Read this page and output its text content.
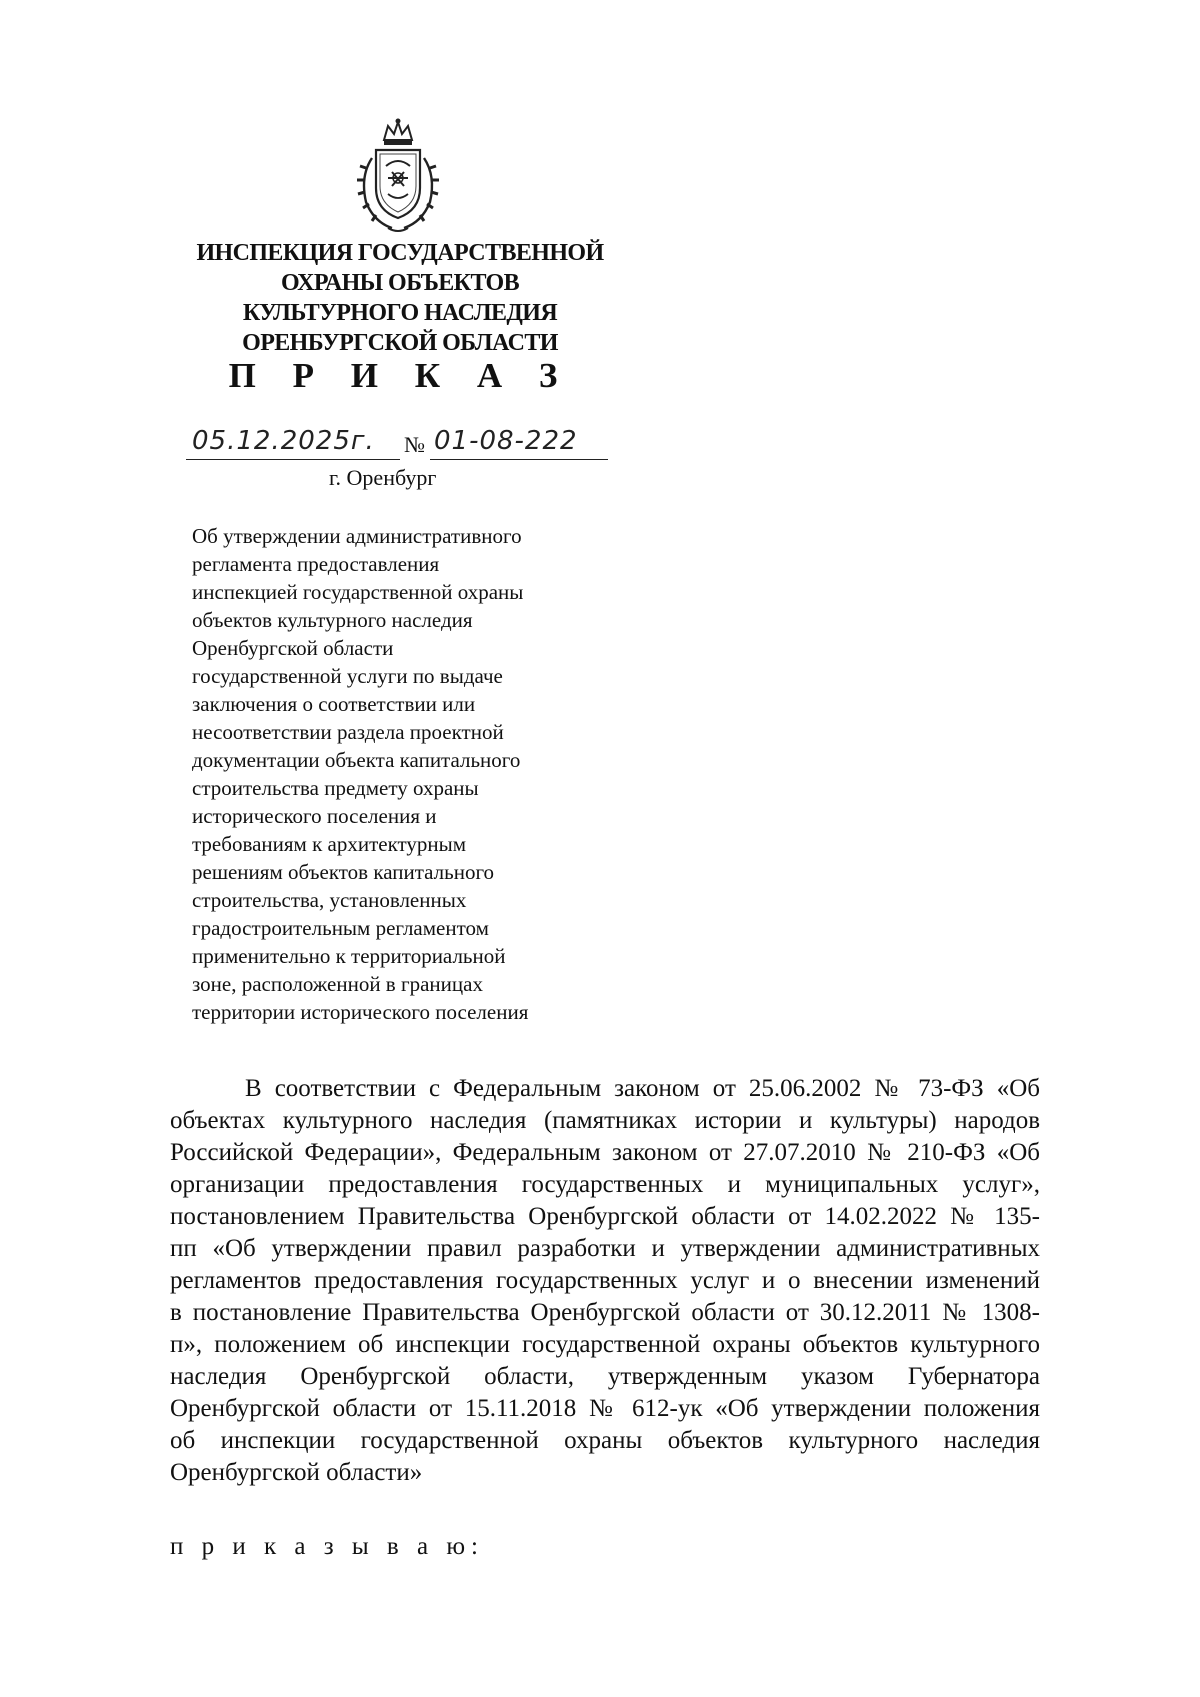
ИНСПЕКЦИЯ ГОСУДАРСТВЕННОЙ
ОХРАНЫ ОБЪЕКТОВ
КУЛЬТУРНОГО НАСЛЕДИЯ
ОРЕНБУРГСКОЙ ОБЛАСТИ
П Р И К А З
05.12.2025г. № 01-08-222
г. Оренбург
Об утверждении административного
регламента предоставления
инспекцией государственной охраны
объектов культурного наследия
Оренбургской области
государственной услуги по выдаче
заключения о соответствии или
несоответствии раздела проектной
документации объекта капитального
строительства предмету охраны
исторического поселения и
требованиям к архитектурным
решениям объектов капитального
строительства, установленных
градостроительным регламентом
применительно к территориальной
зоне, расположенной в границах
территории исторического поселения
В соответствии с Федеральным законом от 25.06.2002 № 73-ФЗ «Об
объектах культурного наследия (памятниках истории и культуры) народов
Российской Федерации», Федеральным законом от 27.07.2010 № 210-ФЗ «Об
организации предоставления государственных и муниципальных услуг»,
постановлением Правительства Оренбургской области от 14.02.2022 № 135-
пп «Об утверждении правил разработки и утверждении административных
регламентов предоставления государственных услуг и о внесении изменений
в постановление Правительства Оренбургской области от 30.12.2011 № 1308-
п», положением об инспекции государственной охраны объектов культурного
наследия Оренбургской области, утвержденным указом Губернатора
Оренбургской области от 15.11.2018 № 612-ук «Об утверждении положения
об инспекции государственной охраны объектов культурного наследия
Оренбургской области»
п р и к а з ы в а ю:
